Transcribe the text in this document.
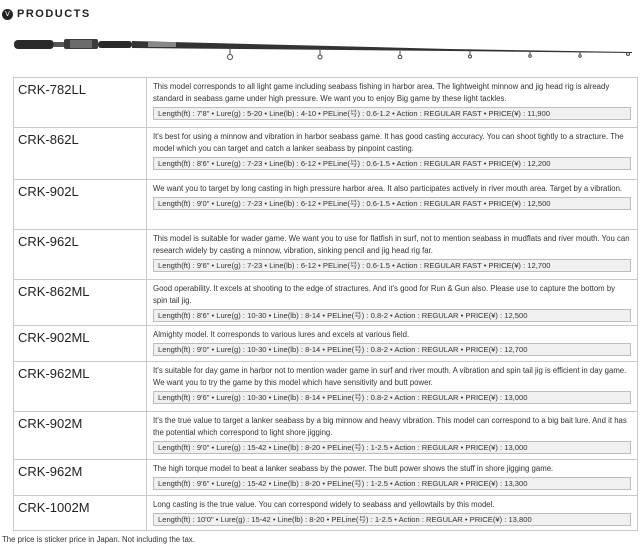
V PRODUCTS
CRK-782LL	This model corresponds to all light game including seabass fishing in harbor area. The lightweight minnow and jig head rig is already standard in seabass game under high pressure. We want you to enjoy Big game by these light tackles.
Length(ft) : 7'8" • Lure(g) : 5-20 • Line(lb) : 4-10 • PELine(号) : 0.6-1.2 • Action : REGULAR FAST • PRICE(¥) : 11,900
CRK-862L	It's best for using a minnow and vibration in harbor seabass game. It has good casting accuracy. You can shoot tightly to a stracture. The model which you can target and catch a lanker seabass by pinpoint casting.
Length(ft) : 8'6" • Lure(g) : 7-23 • Line(lb) : 6-12 • PELine(号) : 0.6-1.5 • Action : REGULAR FAST • PRICE(¥) : 12,200
CRK-902L	We want you to target by long casting in high pressure harbor area. It also participates actively in river mouth area. Target by a vibration.
Length(ft) : 9'0" • Lure(g) : 7-23 • Line(lb) : 6-12 • PELine(号) : 0.6-1.5 • Action : REGULAR FAST • PRICE(¥) : 12,500
CRK-962L	This model is suitable for wader game. We want you to use for flatfish in surf, not to mention seabass in mudflats and river mouth. You can research widely by casting a minnow, vibration, sinking pencil and jig head rig far.
Length(ft) : 9'6" • Lure(g) : 7-23 • Line(lb) : 6-12 • PELine(号) : 0.6-1.5 • Action : REGULAR FAST • PRICE(¥) : 12,700
CRK-862ML	Good operability. It excels at shooting to the edge of stractures. And it's good for Run & Gun also. Please use to capture the bottom by spin tail jig.
Length(ft) : 8'6" • Lure(g) : 10-30 • Line(lb) : 8-14 • PELine(号) : 0.8-2 • Action : REGULAR • PRICE(¥) : 12,500
CRK-902ML	Almighty model. It corresponds to various lures and excels at various field.
Length(ft) : 9'0" • Lure(g) : 10-30 • Line(lb) : 8-14 • PELine(号) : 0.8-2 • Action : REGULAR • PRICE(¥) : 12,700
CRK-962ML	It's suitable for day game in harbor not to mention wader game in surf and river mouth. A vibration and spin tail jig is efficient in day game. We want you to try the game by this model which have sensitivity and butt power.
Length(ft) : 9'6" • Lure(g) : 10-30 • Line(lb) : 8-14 • PELine(号) : 0.8-2 • Action : REGULAR • PRICE(¥) : 13,000
CRK-902M	It's the true value to target a lanker seabass by a big minnow and heavy vibration. This model can correspond to a big bait lure. And it has the potential which correspond to light shore jigging.
Length(ft) : 9'0" • Lure(g) : 15-42 • Line(lb) : 8-20 • PELine(号) : 1-2.5 • Action : REGULAR • PRICE(¥) : 13,000
CRK-962M	The high torque model to beat a lanker seabass by the power. The butt power shows the stuff in shore jigging game.
Length(ft) : 9'6" • Lure(g) : 15-42 • Line(lb) : 8-20 • PELine(号) : 1-2.5 • Action : REGULAR • PRICE(¥) : 13,300
CRK-1002M	Long casting is the true value. You can correspond widely to seabass and yellowtails by this model.
Length(ft) : 10'0" • Lure(g) : 15-42 • Line(lb) : 8-20 • PELine(号) : 1-2.5 • Action : REGULAR • PRICE(¥) : 13,800
The price is sticker price in Japan. Not including the tax.
